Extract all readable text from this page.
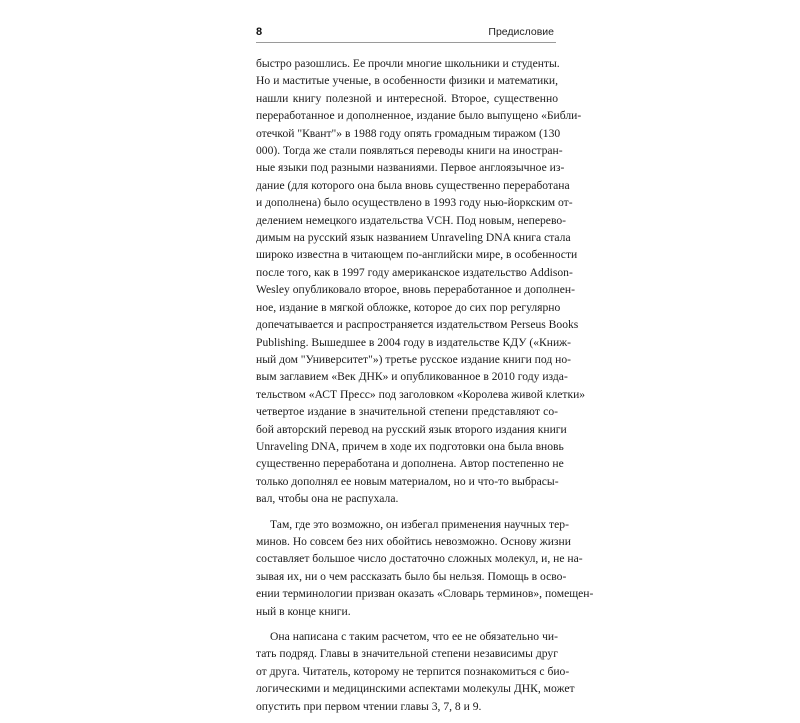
8	Предисловие
быстро разошлись. Ее прочли многие школьники и студенты.
Но и маститые ученые, в особенности физики и математики,
нашли книгу полезной и интересной. Второе, существенно
переработанное и дополненное, издание было выпущено «Библи-
отечкой "Квант"» в 1988 году опять громадным тиражом (130
000). Тогда же стали появляться переводы книги на иностран-
ные языки под разными названиями. Первое англоязычное из-
дание (для которого она была вновь существенно переработана
и дополнена) было осуществлено в 1993 году нью-йоркским от-
делением немецкого издательства VCH. Под новым, неперево-
димым на русский язык названием Unraveling DNA книга стала
широко известна в читающем по-английски мире, в особенности
после того, как в 1997 году американское издательство Addison-
Wesley опубликовало второе, вновь переработанное и дополнен-
ное, издание в мягкой обложке, которое до сих пор регулярно
допечатывается и распространяется издательством Perseus Books
Publishing. Вышедшее в 2004 году в издательстве КДУ («Книж-
ный дом "Университет"») третье русское издание книги под но-
вым заглавием «Век ДНК» и опубликованное в 2010 году изда-
тельством «АСТ Пресс» под заголовком «Королева живой клетки»
четвертое издание в значительной степени представляют со-
бой авторский перевод на русский язык второго издания книги
Unraveling DNA, причем в ходе их подготовки она была вновь
существенно переработана и дополнена. Автор постепенно не
только дополнял ее новым материалом, но и что-то выбрасы-
вал, чтобы она не распухала.
Там, где это возможно, он избегал применения научных тер-
минов. Но совсем без них обойтись невозможно. Основу жизни
составляет большое число достаточно сложных молекул, и, не на-
зывая их, ни о чем рассказать было бы нельзя. Помощь в осво-
ении терминологии призван оказать «Словарь терминов», помещен-
ный в конце книги.
Она написана с таким расчетом, что ее не обязательно чи-
тать подряд. Главы в значительной степени независимы друг
от друга. Читатель, которому не терпится познакомиться с био-
логическими и медицинскими аспектами молекулы ДНК, может
опустить при первом чтении главы 3, 7, 8 и 9.
